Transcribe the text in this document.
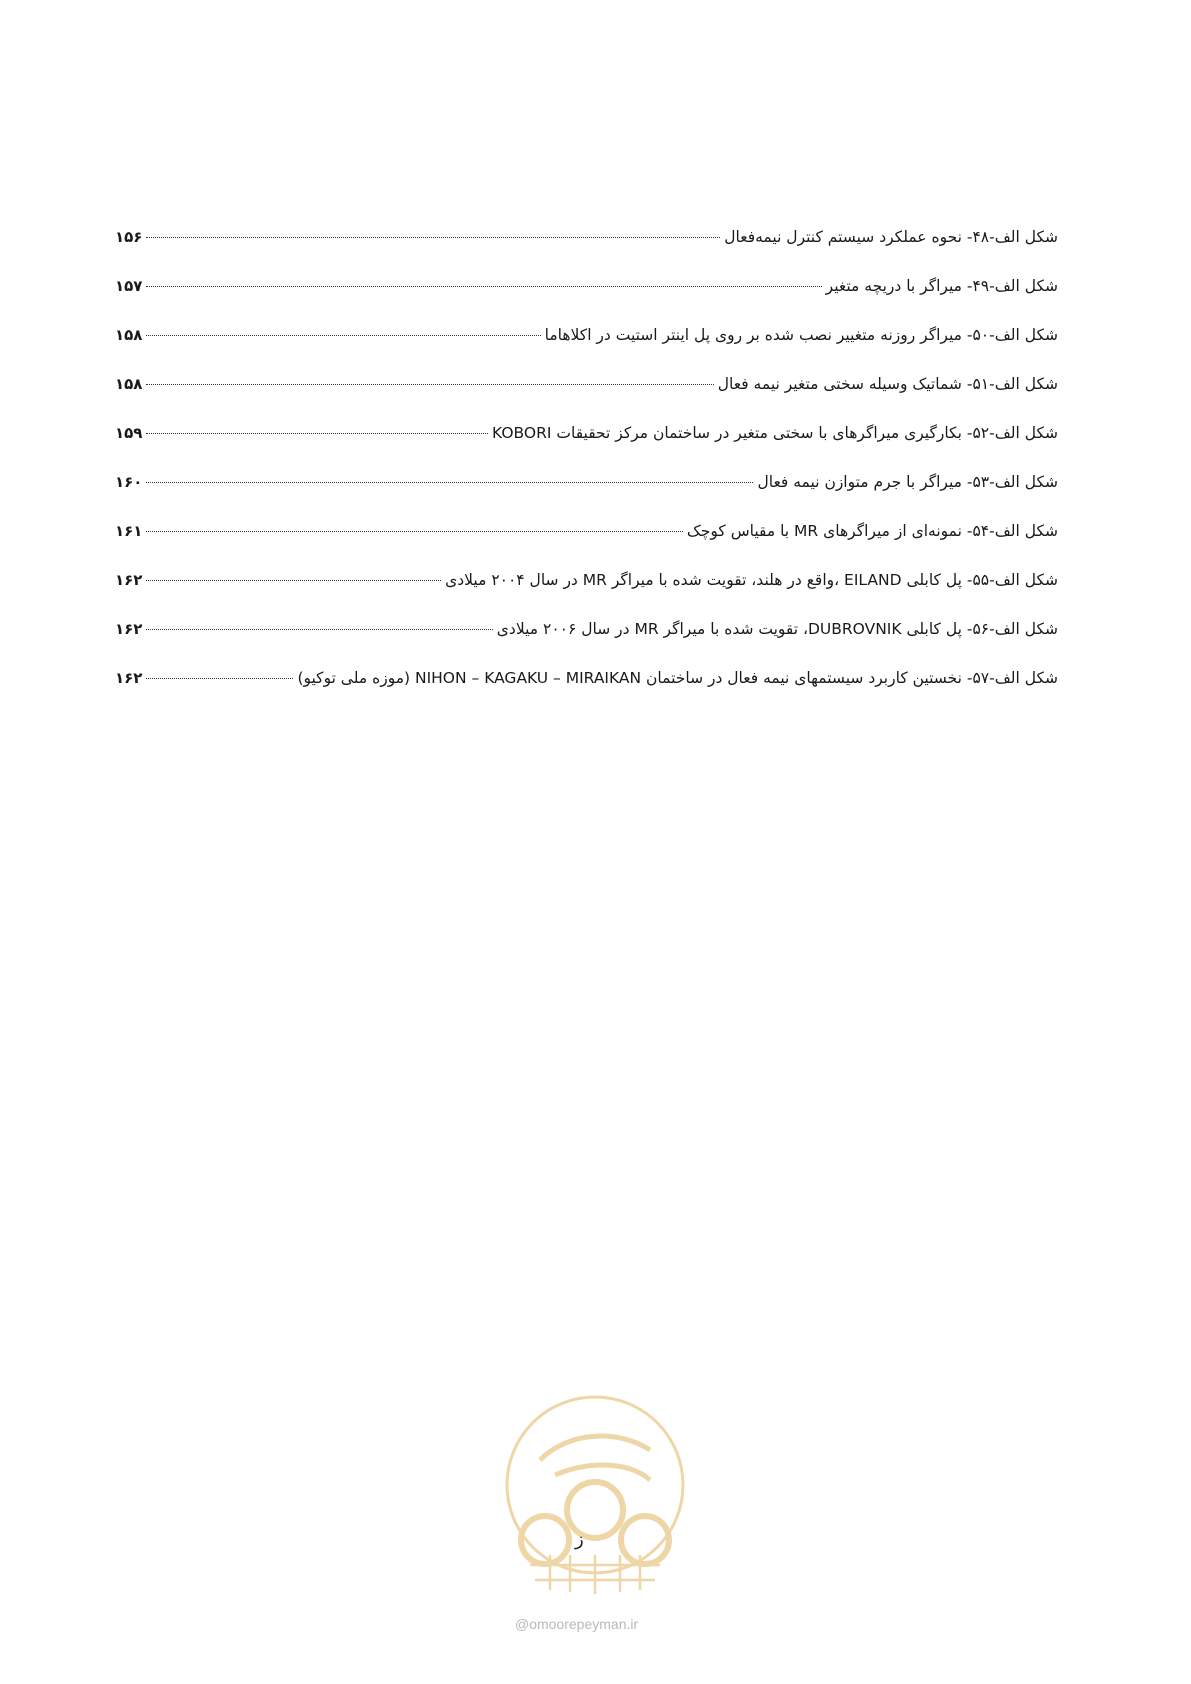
شکل الف-۴۸- نحوه عملکرد سیستم کنترل نیمه‌فعال
۱۵۶
شکل الف-۴۹- میراگر با دریچه متغیر
۱۵۷
شکل الف-۵۰- میراگر روزنه متغییر نصب شده بر روی پل اینتر استیت در اکلاهاما
۱۵۸
شکل الف-۵۱- شماتیک وسیله سختی متغیر نیمه فعال
۱۵۸
شکل الف-۵۲- بکارگیری میراگرهای با سختی متغیر در ساختمان مرکز تحقیقات KOBORI
۱۵۹
شکل الف-۵۳- میراگر با جرم متوازن نیمه فعال
۱۶۰
شکل الف-۵۴- نمونه‌ای از میراگرهای MR با مقیاس کوچک
۱۶۱
شکل الف-۵۵- پل کابلی EILAND ،واقع در هلند، تقویت شده با میراگر MR در سال ۲۰۰۴ میلادی
۱۶۲
شکل الف-۵۶- پل کابلی DUBROVNIK، تقویت شده با میراگر MR در سال ۲۰۰۶ میلادی
۱۶۲
شکل الف-۵۷- نخستین کاربرد سیستمهای نیمه فعال در ساختمان NIHON – KAGAKU – MIRAIKAN (موزه ملی توکیو)
۱۶۲
ز
@omoorepeyman.ir
